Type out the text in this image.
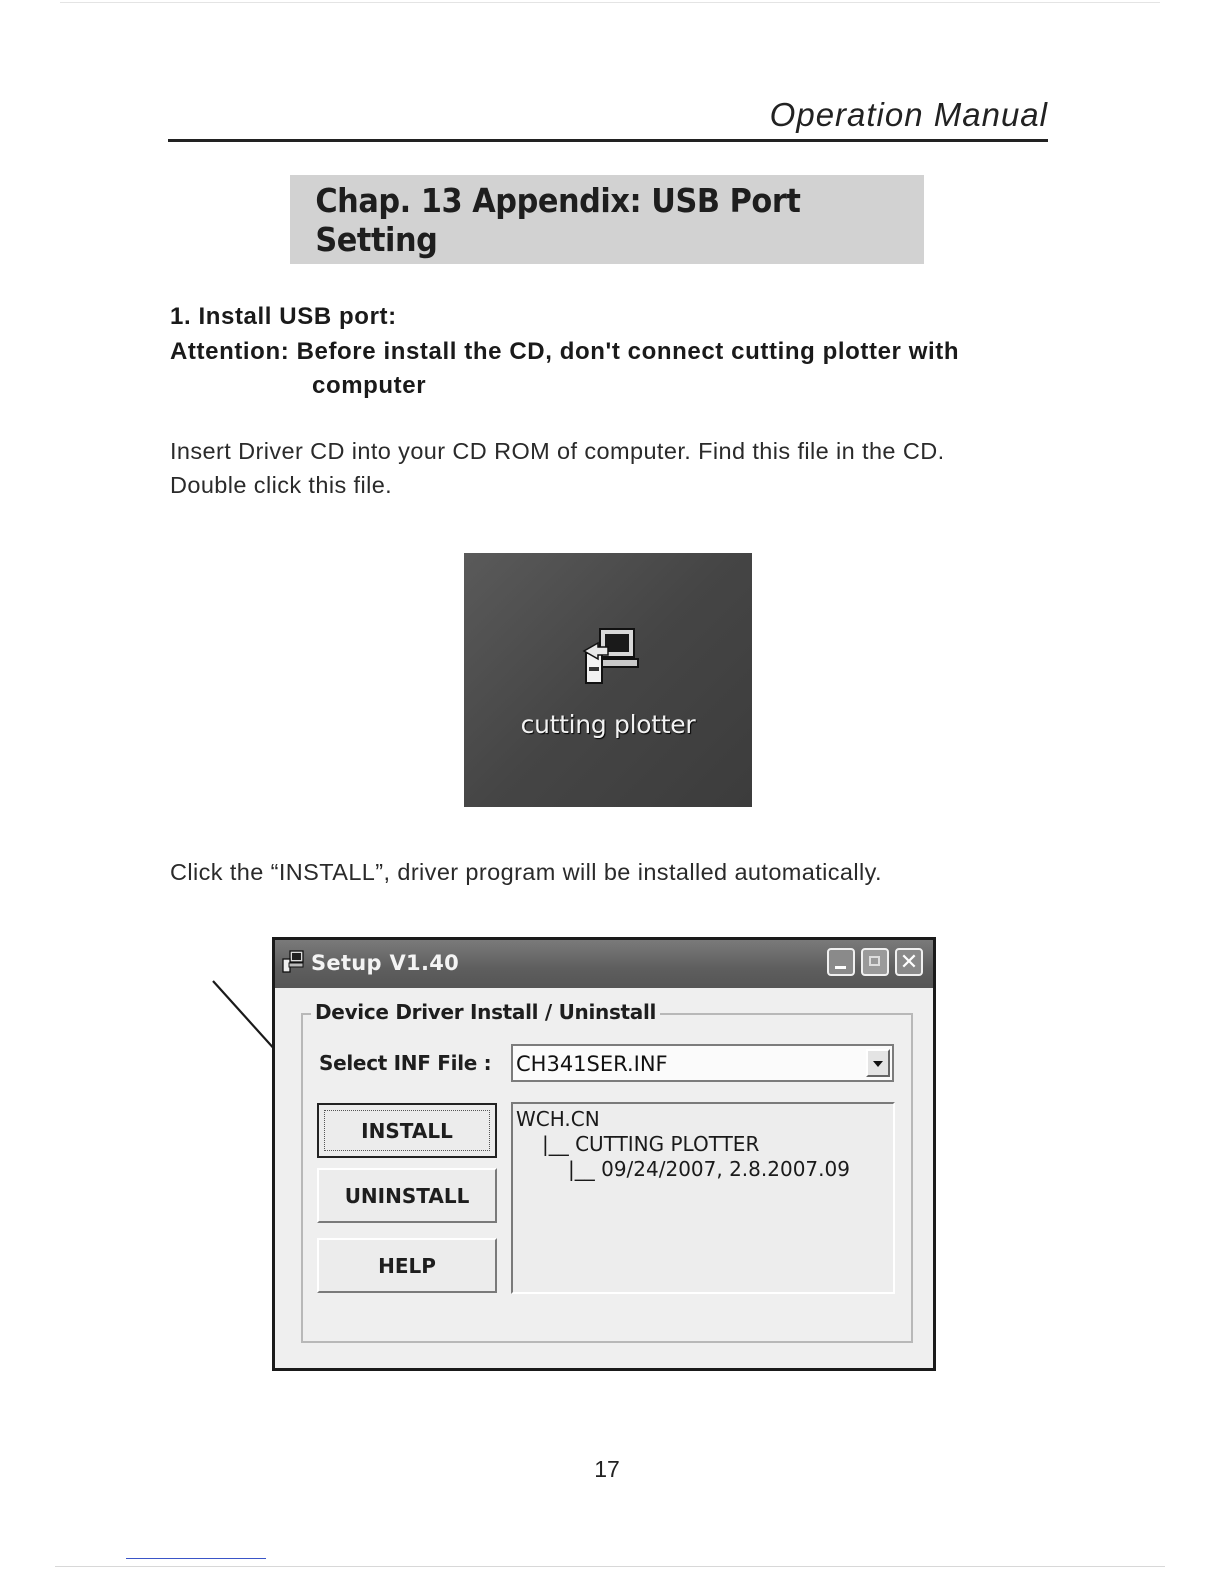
Operation Manual
Chap. 13 Appendix: USB Port Setting
1. Install USB port:
Attention: Before install the CD, don't connect cutting plotter with
computer
Insert Driver CD into your CD ROM of computer. Find this file in the CD.
Double click this file.
cutting plotter
Click the “INSTALL”, driver program will be installed automatically.
Setup V1.40	✕
Device Driver Install / Uninstall
Select INF File : CH341SER.INF
INSTALL
UNINSTALL
HELP
WCH.CN
|__ CUTTING PLOTTER
|__ 09/24/2007, 2.8.2007.09
17
